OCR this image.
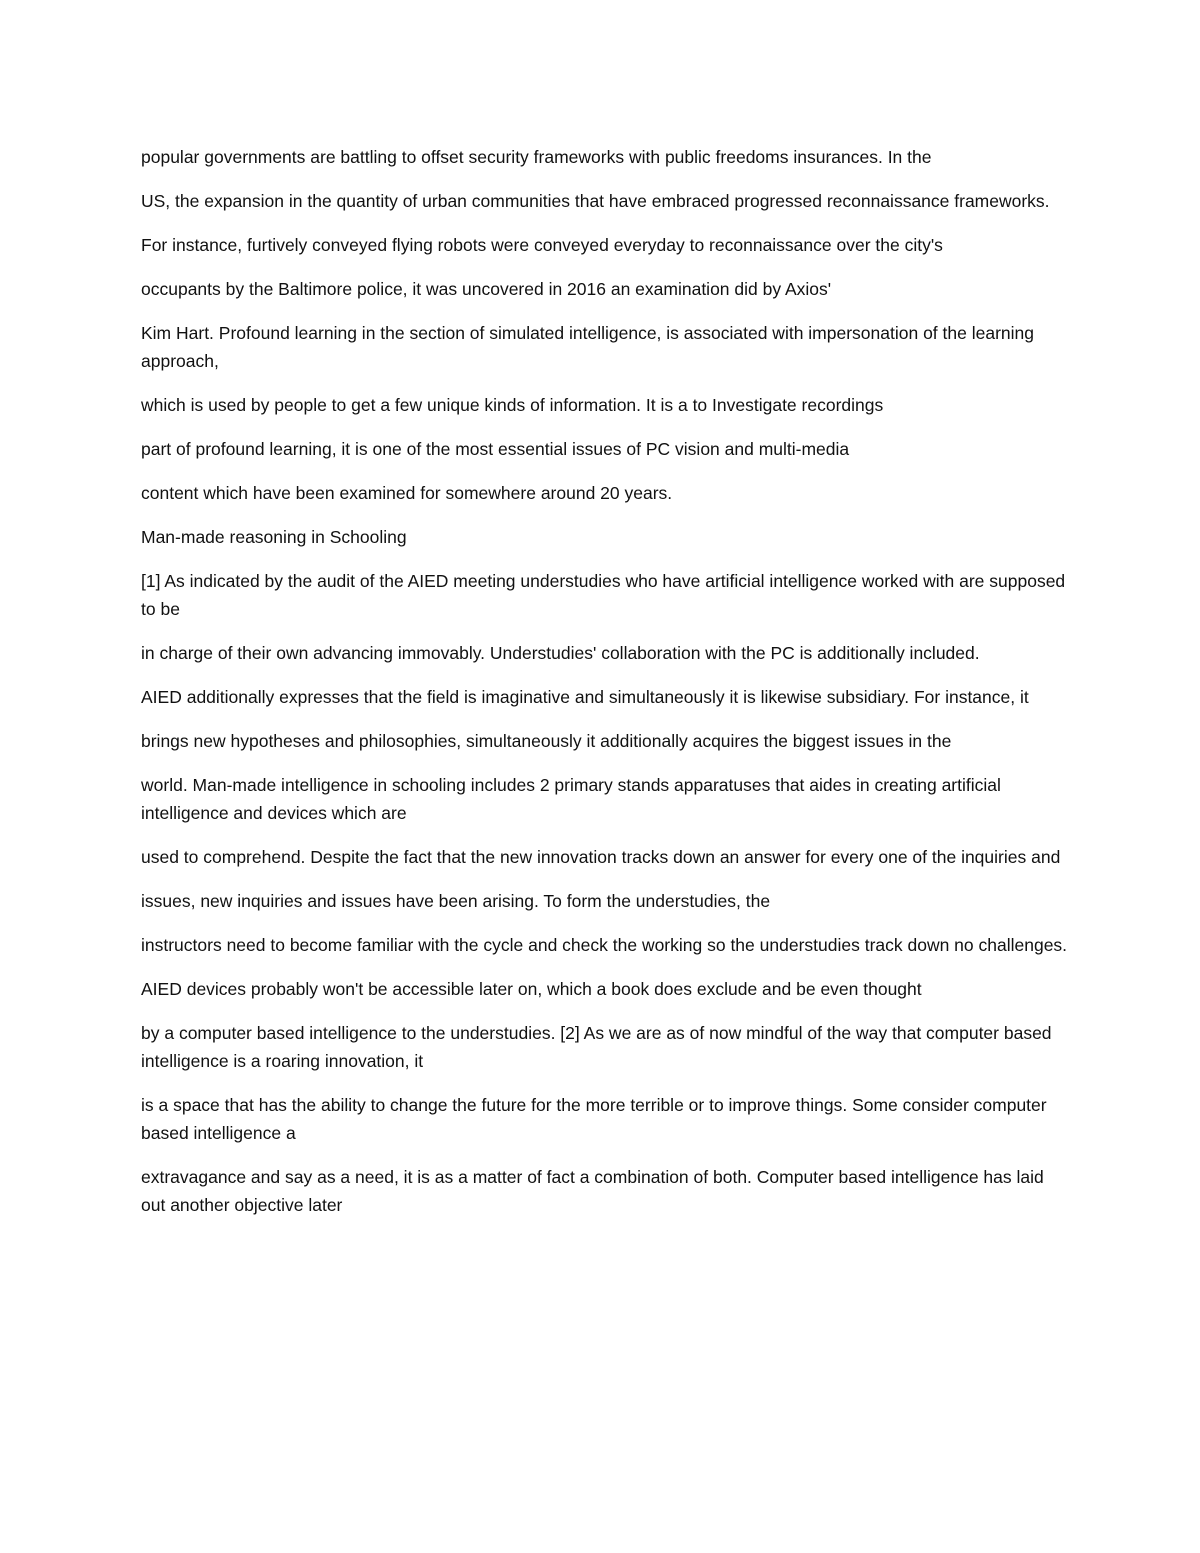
popular governments are battling to offset security frameworks with public freedoms insurances. In the

US, the expansion in the quantity of urban communities that have embraced progressed reconnaissance frameworks.

For instance, furtively conveyed flying robots were conveyed everyday to reconnaissance over the city's

occupants by the Baltimore police, it was uncovered in 2016 an examination did by Axios'

Kim Hart. Profound learning in the section of simulated intelligence, is associated with impersonation of the learning approach,

which is used by people to get a few unique kinds of information. It is a to Investigate recordings

part of profound learning, it is one of the most essential issues of PC vision and multi-media

content which have been examined for somewhere around 20 years.

Man-made reasoning in Schooling

[1] As indicated by the audit of the AIED meeting understudies who have artificial intelligence worked with are supposed to be

in charge of their own advancing immovably. Understudies' collaboration with the PC is additionally included.

AIED additionally expresses that the field is imaginative and simultaneously it is likewise subsidiary. For instance, it

brings new hypotheses and philosophies, simultaneously it additionally acquires the biggest issues in the

world. Man-made intelligence in schooling includes 2 primary stands apparatuses that aides in creating artificial intelligence and devices which are

used to comprehend. Despite the fact that the new innovation tracks down an answer for every one of the inquiries and

issues, new inquiries and issues have been arising. To form the understudies, the

instructors need to become familiar with the cycle and check the working so the understudies track down no challenges.

AIED devices probably won't be accessible later on, which a book does exclude and be even thought

by a computer based intelligence to the understudies. [2] As we are as of now mindful of the way that computer based intelligence is a roaring innovation, it

is a space that has the ability to change the future for the more terrible or to improve things. Some consider computer based intelligence a

extravagance and say as a need, it is as a matter of fact a combination of both. Computer based intelligence has laid out another objective later
